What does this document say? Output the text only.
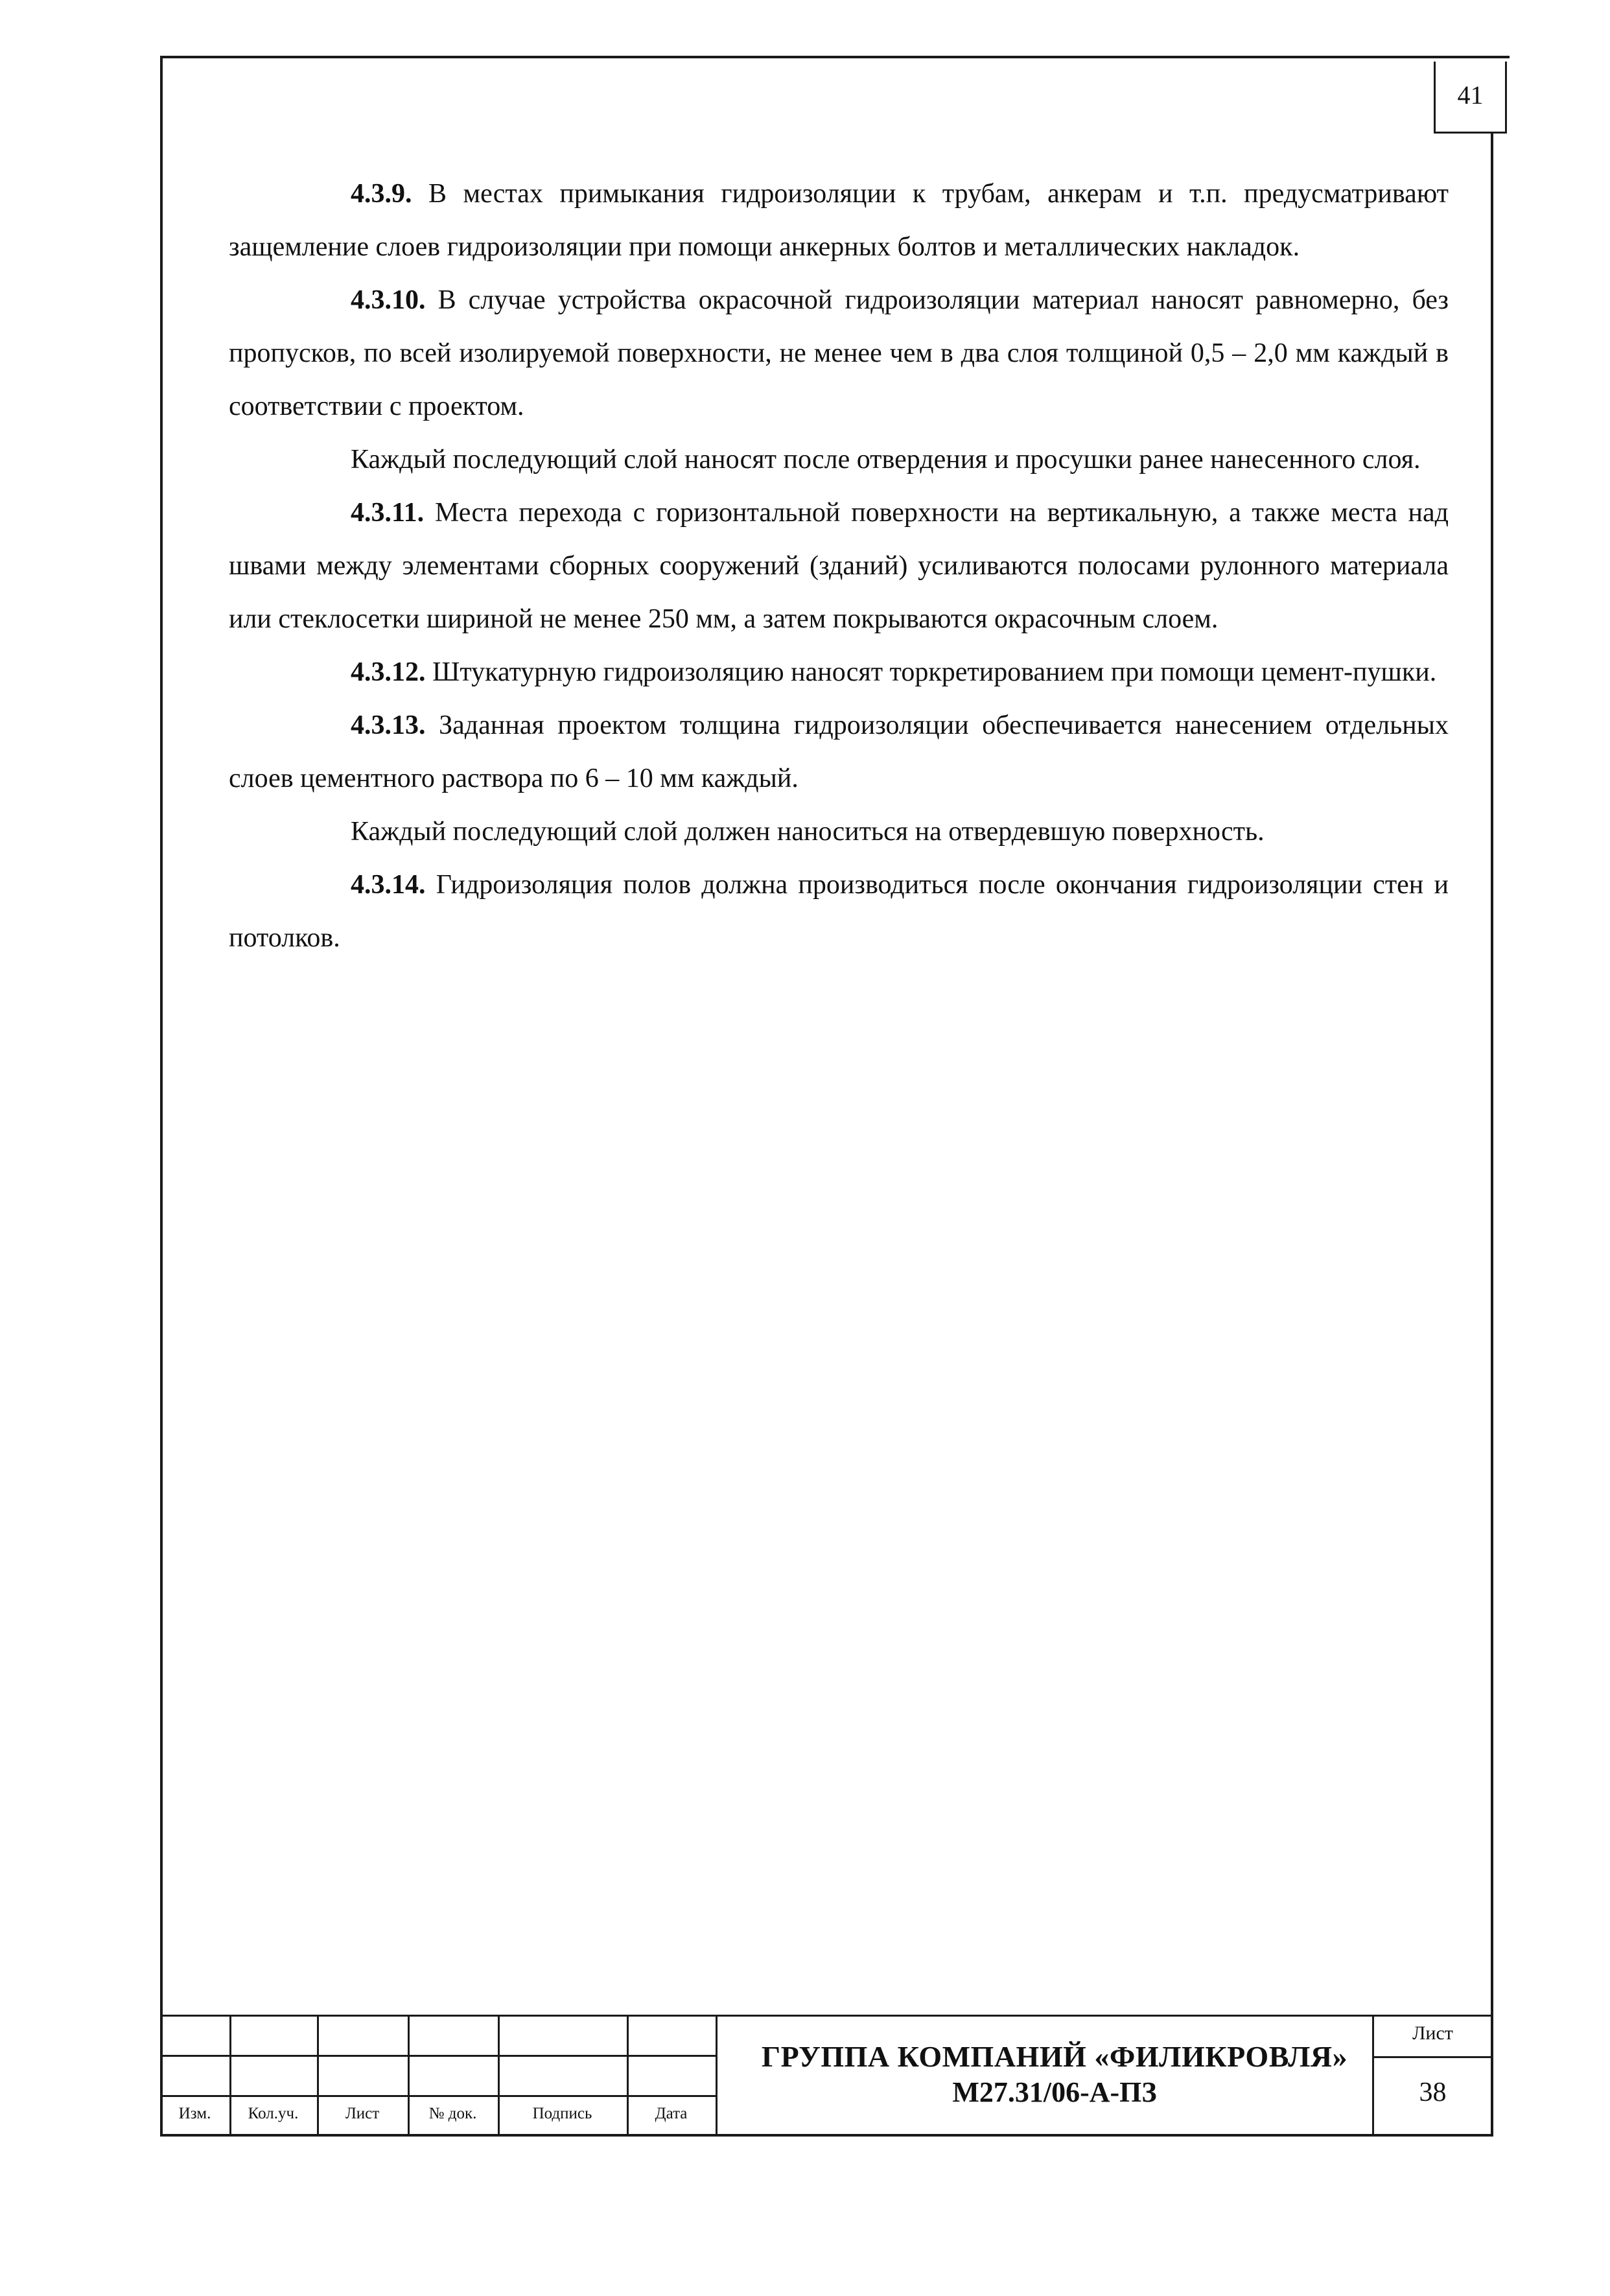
41

4.3.9. В местах примыкания гидроизоляции к трубам, анкерам и т.п. предусматривают защемление слоев гидроизоляции при помощи анкерных болтов и металлических накладок.

4.3.10. В случае устройства окрасочной гидроизоляции материал наносят равномерно, без пропусков, по всей изолируемой поверхности, не менее чем в два слоя толщиной 0,5 – 2,0 мм каждый в соответствии с проектом.

Каждый последующий слой наносят после отвердения и просушки ранее нанесенного слоя.

4.3.11. Места перехода с горизонтальной поверхности на вертикальную, а также места над швами между элементами сборных сооружений (зданий) усиливаются полосами рулонного материала или стеклосетки шириной не менее 250 мм, а затем покрываются окрасочным слоем.

4.3.12. Штукатурную гидроизоляцию наносят торкретированием при помощи цемент-пушки.

4.3.13. Заданная проектом толщина гидроизоляции обеспечивается нанесением отдельных слоев цементного раствора по 6 – 10 мм каждый.

Каждый последующий слой должен наноситься на отвердевшую поверхность.

4.3.14. Гидроизоляция полов должна производиться после окончания гидроизоляции стен и потолков.

Изм.	Кол.уч.	Лист	№ док.	Подпись	Дата
ГРУППА КОМПАНИЙ «ФИЛИКРОВЛЯ»
М27.31/06-А-ПЗ
Лист
38
